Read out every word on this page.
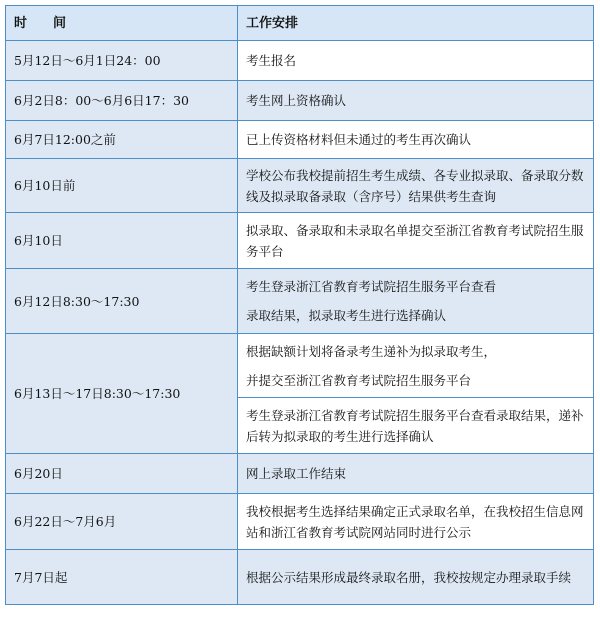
时　　间	工作安排
5月12日～6月1日24：00	考生报名
6月2日8：00～6月6日17：30	考生网上资格确认
6月7日12:00之前	已上传资格材料但未通过的考生再次确认
6月10日前	学校公布我校提前招生考生成绩、各专业拟录取、备录取分数线及拟录取备录取（含序号）结果供考生查询
6月10日	拟录取、备录取和未录取名单提交至浙江省教育考试院招生服务平台
6月12日8:30～17:30	考生登录浙江省教育考试院招生服务平台查看
录取结果，拟录取考生进行选择确认

6月13日～17日8:30～17:30	根据缺额计划将备录考生递补为拟录取考生，
并提交至浙江省教育考试院招生服务平台

	考生登录浙江省教育考试院招生服务平台查看录取结果，递补后转为拟录取的考生进行选择确认
6月20日	网上录取工作结束
6月22日～7月6月	我校根据考生选择结果确定正式录取名单，在我校招生信息网站和浙江省教育考试院网站同时进行公示
7月7日起	根据公示结果形成最终录取名册，我校按规定办理录取手续
